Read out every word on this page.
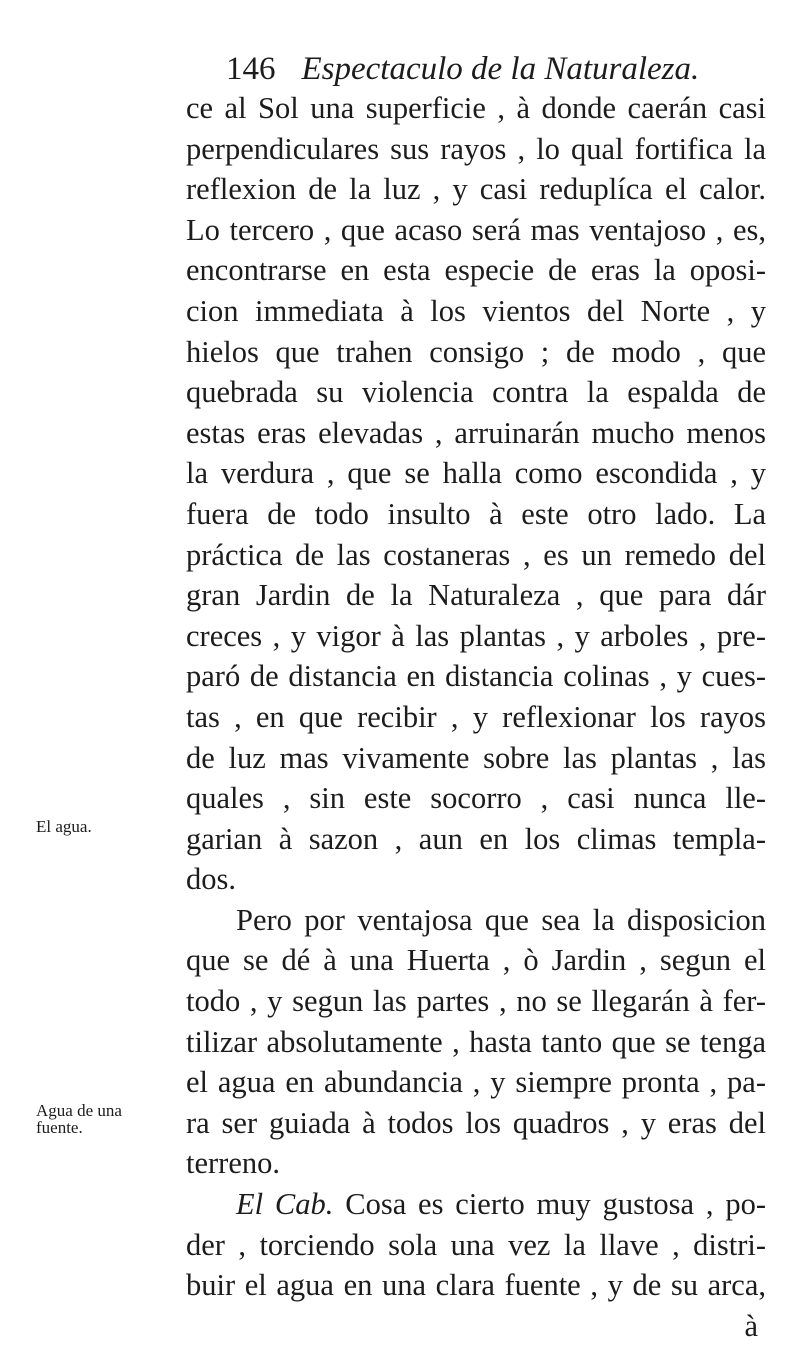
146 Espectaculo de la Naturaleza.
El agua.
Agua de una fuente.
ce al Sol una superficie , à donde caerán casi
perpendiculares sus rayos , lo qual fortifica la
reflexion de la luz , y casi reduplíca el calor.
Lo tercero , que acaso será mas ventajoso , es,
encontrarse en esta especie de eras la oposi-
cion immediata à los vientos del Norte , y
hielos que trahen consigo ; de modo , que
quebrada su violencia contra la espalda de
estas eras elevadas , arruinarán mucho menos
la verdura , que se halla como escondida , y
fuera de todo insulto à este otro lado. La
práctica de las costaneras , es un remedo del
gran Jardin de la Naturaleza , que para dár
creces , y vigor à las plantas , y arboles , pre-
paró de distancia en distancia colinas , y cues-
tas , en que recibir , y reflexionar los rayos
de luz mas vivamente sobre las plantas , las
quales , sin este socorro , casi nunca lle-
garian à sazon , aun en los climas templa-
dos.
Pero por ventajosa que sea la disposicion
que se dé à una Huerta , ò Jardin , segun el
todo , y segun las partes , no se llegarán à fer-
tilizar absolutamente , hasta tanto que se tenga
el agua en abundancia , y siempre pronta , pa-
ra ser guiada à todos los quadros , y eras del
terreno.
El Cab. Cosa es cierto muy gustosa , po-
der , torciendo sola una vez la llave , distri-
buir el agua en una clara fuente , y de su arca,
à
